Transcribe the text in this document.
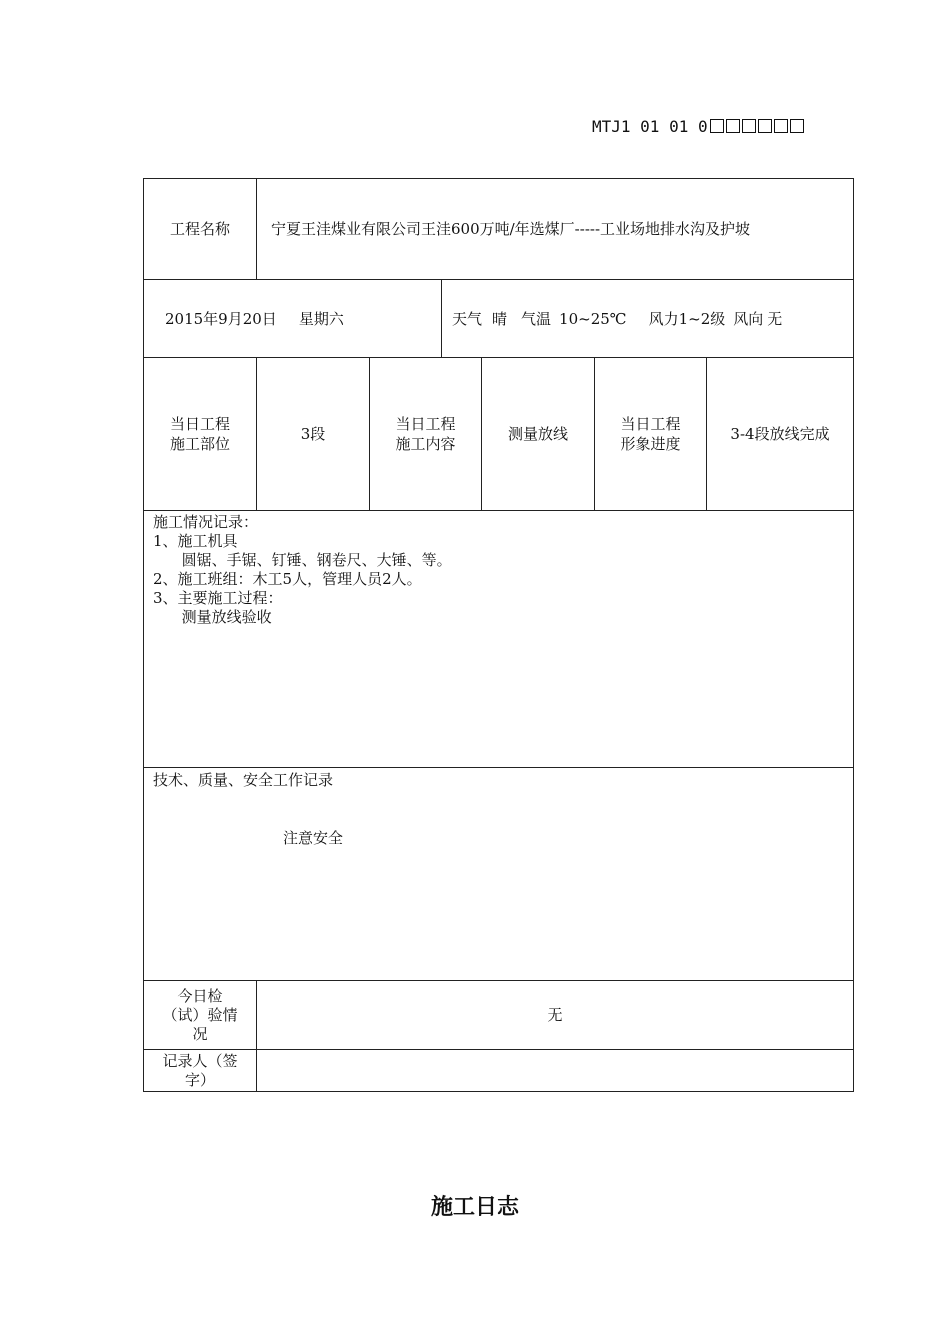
MTJ1 01 01 0
工程名称	宁夏王洼煤业有限公司王洼600万吨/年选煤厂-----工业场地排水沟及护坡
2015年9月20日 星期六	天气 晴 气温 10~25℃ 风力 1~2级 风向 无
当日工程
施工部位
3段
当日工程
施工内容
测量放线
当日工程
形象进度
3-4段放线完成
施工情况记录：
1、施工机具
圆锯、手锯、钉锤、钢卷尺、大锤、等。
2、施工班组：木工5人，管理人员2人。
3、主要施工过程：
测量放线验收
技术、质量、安全工作记录
注意安全
今日检
（试）验情
况
无
记录人（签
字）
施工日志
